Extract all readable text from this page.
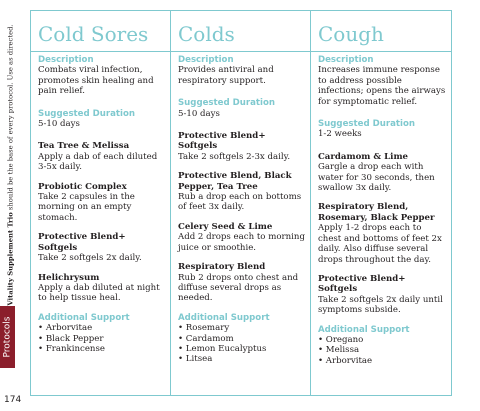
Vitality Supplement Trio should be the base of every protocol. Use as directed.
Protocols
174
Cold Sores

Description

Combats viral infection, promotes skin healing and pain relief.

Suggested Duration

5-10 days

Tea Tree & Melissa

Apply a dab of each diluted 3-5x daily.

Probiotic Complex

Take 2 capsules in the morning on an empty stomach.

Protective Blend+ Softgels

Take 2 softgels 2x daily.

Helichrysum

Apply a dab diluted at night to help tissue heal.

Additional Support

• Arborvitae
• Black Pepper
• Frankincense
Colds

Description

Provides antiviral and respiratory support.

Suggested Duration

5-10 days

Protective Blend+ Softgels

Take 2 softgels 2-3x daily.

Protective Blend, Black Pepper, Tea Tree

Rub a drop each on bottoms of feet 3x daily.

Celery Seed & Lime

Add 2 drops each to morning juice or smoothie.

Respiratory Blend

Rub 2 drops onto chest and diffuse several drops as needed.

Additional Support

• Rosemary
• Cardamom
• Lemon Eucalyptus
• Litsea
Cough

Description

Increases immune response to address possible infections; opens the airways for symptomatic relief.

Suggested Duration

1-2 weeks

Cardamom & Lime

Gargle a drop each with water for 30 seconds, then swallow 3x daily.

Respiratory Blend, Rosemary, Black Pepper

Apply 1-2 drops each to chest and bottoms of feet 2x daily. Also diffuse several drops throughout the day.

Protective Blend+ Softgels

Take 2 softgels 2x daily until symptoms subside.

Additional Support

• Oregano
• Melissa
• Arborvitae
